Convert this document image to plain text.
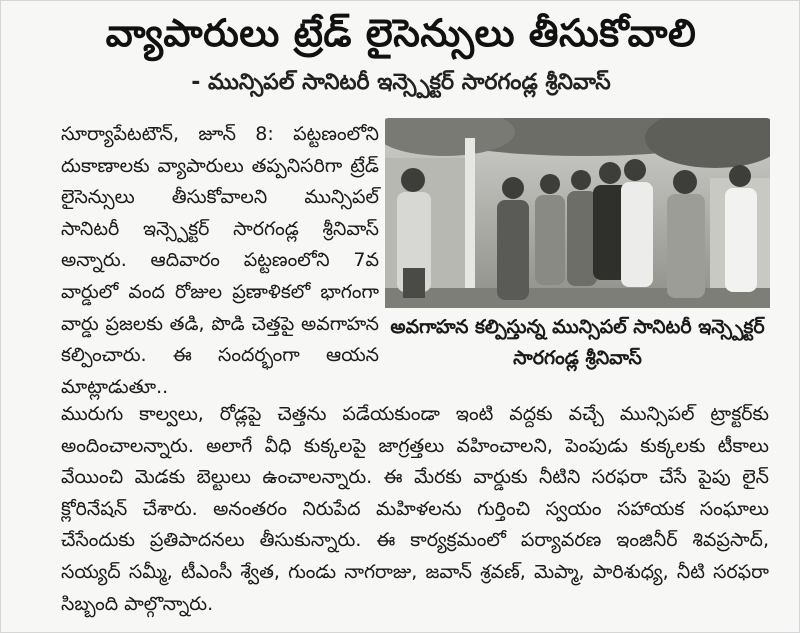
వ్యాపారులు ట్రేడ్ లైసెన్సులు తీసుకోవాలి
- మున్సిపల్ సానిటరీ ఇన్స్పెక్టర్ సారగండ్ల శ్రీనివాస్
సూర్యాపేటటౌన్, జూన్ 8: పట్టణంలోని దుకాణాలకు వ్యాపారులు తప్పనిసరిగా ట్రేడ్ లైసెన్సులు తీసుకోవాలని మున్సిపల్ సానిటరీ ఇన్స్పెక్టర్ సారగండ్ల శ్రీనివాస్ అన్నారు. ఆదివారం పట్టణంలోని 7వ వార్డులో వంద రోజుల ప్రణాళికలో భాగంగా వార్డు ప్రజలకు తడి, పొడి చెత్తపై అవగాహన కల్పించారు. ఈ సందర్భంగా ఆయన మాట్లాడుతూ..
అవగాహన కల్పిస్తున్న మున్సిపల్ సానిటరీ ఇన్స్పెక్టర్ సారగండ్ల శ్రీనివాస్
మురుగు కాల్వలు, రోడ్లపై చెత్తను పడేయకుండా ఇంటి వద్దకు వచ్చే మున్సిపల్ ట్రాక్టర్‌కు అందించాలన్నారు. అలాగే వీధి కుక్కలపై జాగ్రత్తలు వహించాలని, పెంపుడు కుక్కలకు టీకాలు వేయించి మెడకు బెల్టులు ఉంచాలన్నారు. ఈ మేరకు వార్డుకు నీటిని సరఫరా చేసే పైపు లైన్ క్లోరినేషన్ చేశారు. అనంతరం నిరుపేద మహిళలను గుర్తించి స్వయం సహాయక సంఘాలు చేసేందుకు ప్రతిపాదనలు తీసుకున్నారు. ఈ కార్యక్రమంలో పర్యావరణ ఇంజినీర్ శివప్రసాద్, సయ్యద్ సమ్మీ, టీఎంసీ శ్వేత, గుండు నాగరాజు, జవాన్ శ్రవణ్, మెప్మా, పారిశుధ్య, నీటి సరఫరా సిబ్బంది పాల్గొన్నారు.
